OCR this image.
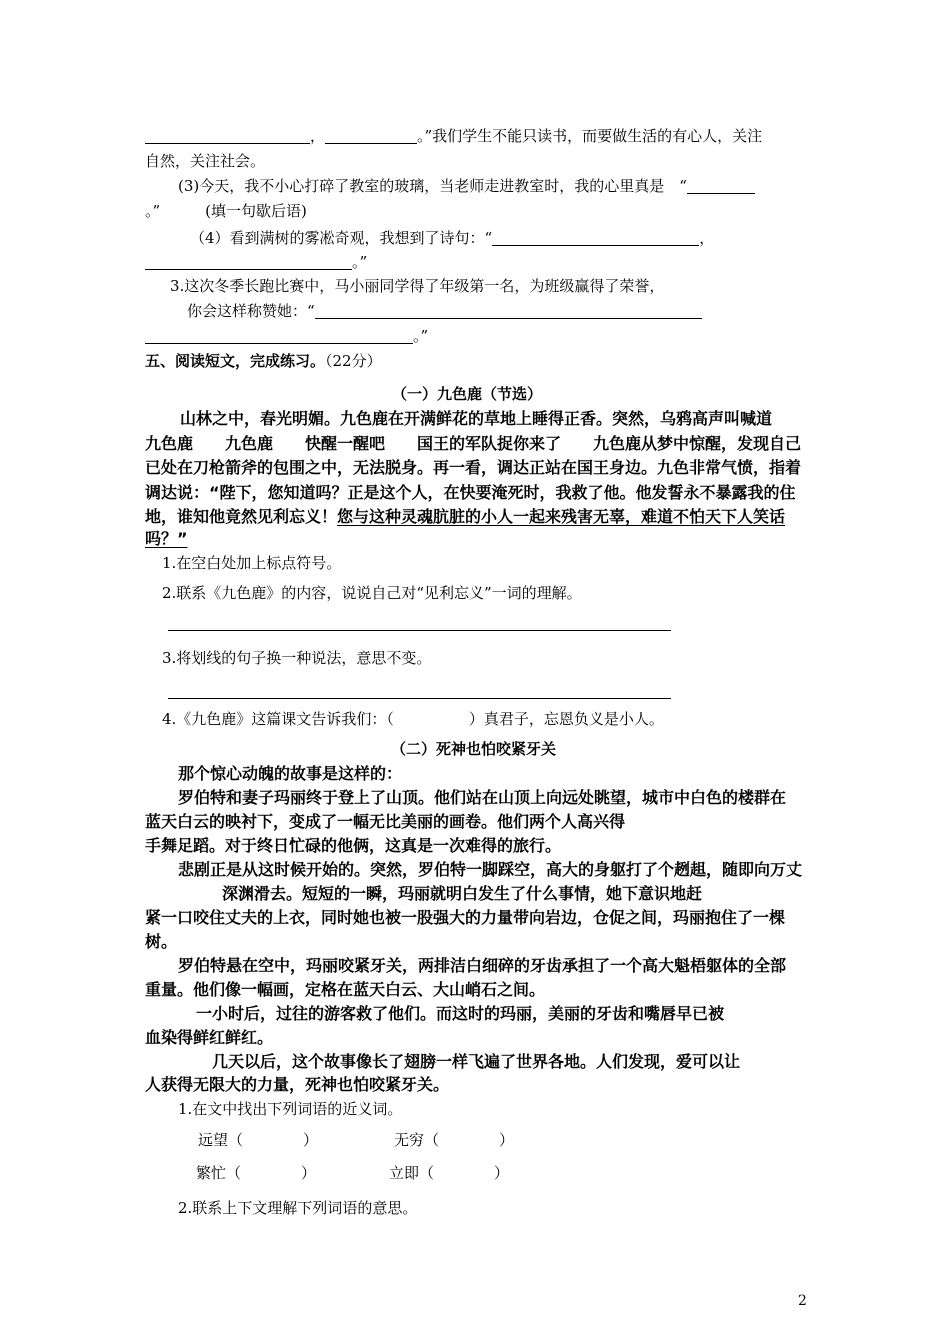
，	。”我们学生不能只读书，而要做生活的有心人，关注
自然，关注社会。
(3)今天，我不小心打碎了教室的玻璃，当老师走进教室时，我的心里真是　“
。”　　　(填一句歇后语)
（4）看到满树的雾凇奇观，我想到了诗句：“	，
。”
3.这次冬季长跑比赛中，马小丽同学得了年级第一名，为班级赢得了荣誉，
你会这样称赞她：“
。”
五、阅读短文，完成练习。（22分）
（一）九色鹿（节选）
山林之中，春光明媚。九色鹿在开满鲜花的草地上睡得正香。突然，乌鸦高声叫喊道
九色鹿　　九色鹿　　快醒一醒吧　　国王的军队捉你来了　　九色鹿从梦中惊醒，发现自己
已处在刀枪箭斧的包围之中，无法脱身。再一看，调达正站在国王身边。九色非常气愤，指着
调达说：“陛下，您知道吗？正是这个人，在快要淹死时，我救了他。他发誓永不暴露我的住
地，谁知他竟然见利忘义！您与这种灵魂肮脏的小人一起来残害无辜，难道不怕天下人笑话
吗？”
1.在空白处加上标点符号。
2.联系《九色鹿》的内容，说说自己对“见利忘义”一词的理解。
3.将划线的句子换一种说法，意思不变。
4.《九色鹿》这篇课文告诉我们：（　　　　　）真君子，忘恩负义是小人。
（二）死神也怕咬紧牙关
那个惊心动魄的故事是这样的：
罗伯特和妻子玛丽终于登上了山顶。他们站在山顶上向远处眺望，城市中白色的楼群在
蓝天白云的映衬下，变成了一幅无比美丽的画卷。他们两个人高兴得
手舞足蹈。对于终日忙碌的他俩，这真是一次难得的旅行。
悲剧正是从这时候开始的。突然，罗伯特一脚踩空，高大的身躯打了个趔趄，随即向万丈
深渊滑去。短短的一瞬，玛丽就明白发生了什么事情，她下意识地赶
紧一口咬住丈夫的上衣，同时她也被一股强大的力量带向岩边，仓促之间，玛丽抱住了一棵
树。
罗伯特悬在空中，玛丽咬紧牙关，两排洁白细碎的牙齿承担了一个高大魁梧躯体的全部
重量。他们像一幅画，定格在蓝天白云、大山峭石之间。
一小时后，过往的游客救了他们。而这时的玛丽，美丽的牙齿和嘴唇早已被
血染得鲜红鲜红。
几天以后，这个故事像长了翅膀一样飞遍了世界各地。人们发现，爱可以让
人获得无限大的力量，死神也怕咬紧牙关。
1.在文中找出下列词语的近义词。
远望（　　　　）	无穷（　　　　）
繁忙（　　　　）	立即（　　　　）
2.联系上下文理解下列词语的意思。
2
